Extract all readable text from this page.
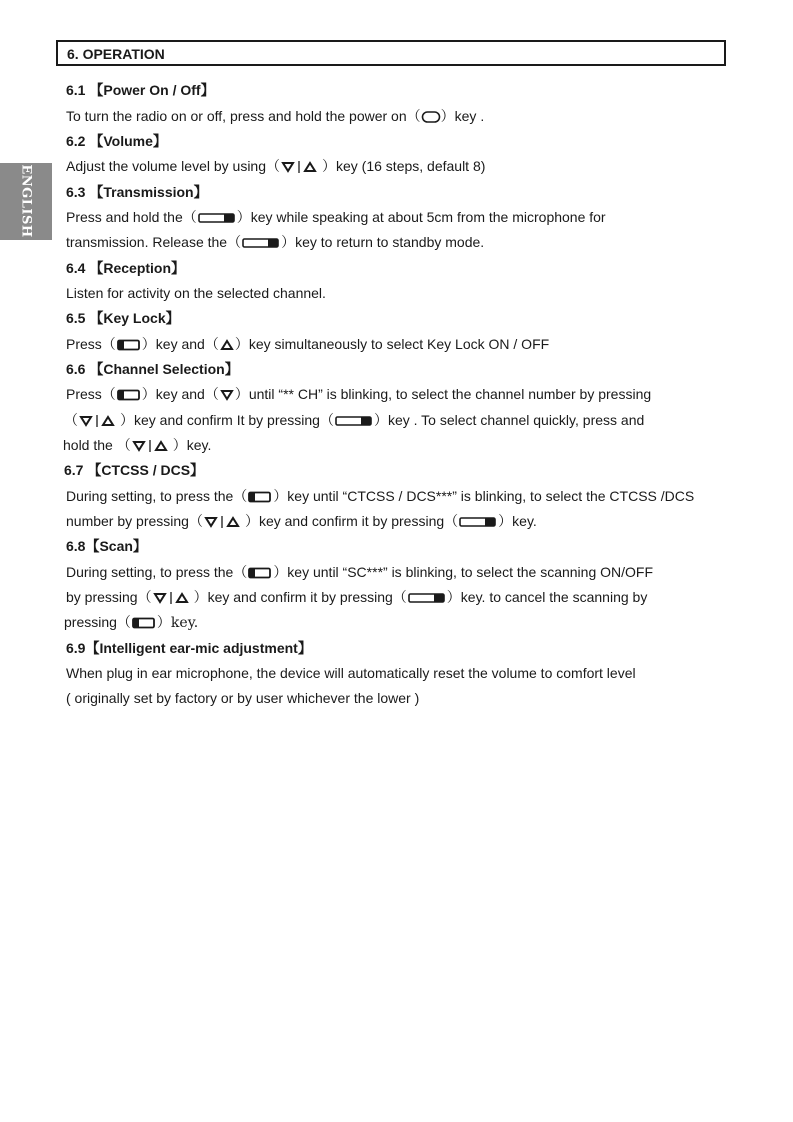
6. OPERATION
ENGLISH
6.1 【Power On / Off】
To turn the radio on or off, press and hold the power on（ ）key .
6.2 【Volume】
Adjust the volume level by using（	）key (16 steps, default 8)
6.3 【Transmission】
Press and hold the（	）key while speaking at about 5cm from the microphone for
transmission. Release the（	）key to return to standby mode.
6.4 【Reception】
Listen for activity on the selected channel.
6.5 【Key Lock】
Press（ ）key and（ ）key simultaneously to select Key Lock ON / OFF
6.6 【Channel Selection】
Press（ ）key and（ ）until “** CH” is blinking, to select the channel number by pressing
（	）key and confirm It by pressing（	）key . To select channel quickly, press and
hold the （	）key.
6.7 【CTCSS / DCS】
During setting, to press the（ ）key until “CTCSS / DCS***” is blinking, to select the CTCSS /DCS
number by pressing（	）key and confirm it by pressing（	）key.
6.8【Scan】
During setting, to press the（ ）key until “SC***” is blinking, to select the scanning ON/OFF
by pressing（	）key and confirm it by pressing（	）key. to cancel the scanning by
pressing（ ）key.
6.9【Intelligent ear-mic adjustment】
When plug in ear microphone, the device will automatically reset the volume to comfort level
( originally set by factory or by user whichever the lower )
